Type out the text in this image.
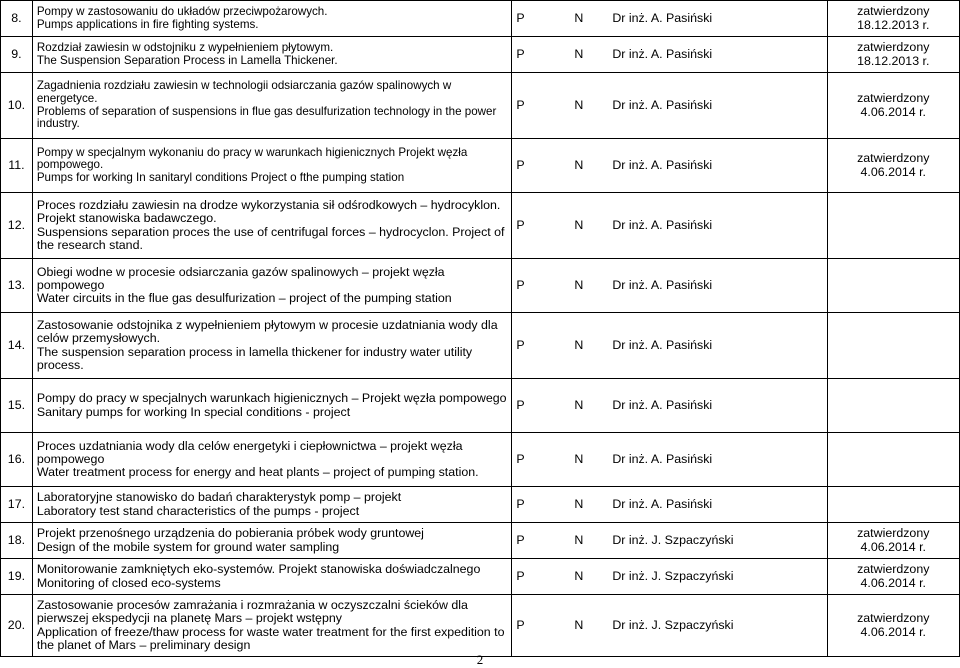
8.	Pompy w zastosowaniu do układów przeciwpożarowych.
Pumps applications in fire fighting systems.	P N Dr inż. A. Pasiński	zatwierdzony
18.12.2013 r.

9.	Rozdział zawiesin w odstojniku z wypełnieniem płytowym.
The Suspension Separation Process in Lamella Thickener.	P N Dr inż. A. Pasiński	zatwierdzony
18.12.2013 r.

10.	Zagadnienia rozdziału zawiesin w technologii odsiarczania gazów spalinowych w energetyce.
Problems of separation of suspensions in flue gas desulfurization technology in the power industry.	P N Dr inż. A. Pasiński	zatwierdzony
4.06.2014 r.

11.	Pompy w specjalnym wykonaniu do pracy w warunkach higienicznych Projekt węzła pompowego.
Pumps for working In sanitaryl conditions Project o fthe pumping station	P N Dr inż. A. Pasiński	zatwierdzony
4.06.2014 r.

12.	Proces rozdziału zawiesin na drodze wykorzystania sił odśrodkowych – hydrocyklon. Projekt stanowiska badawczego.
Suspensions separation proces the use of centrifugal forces – hydrocyclon. Project of the research stand.	P N Dr inż. A. Pasiński	
13.	Obiegi wodne w procesie odsiarczania gazów spalinowych – projekt węzła pompowego
Water circuits in the flue gas desulfurization – project of the pumping station	P N Dr inż. A. Pasiński	
14.	Zastosowanie odstojnika z wypełnieniem płytowym w procesie uzdatniania wody dla celów przemysłowych.
The suspension separation process in lamella thickener for industry water utility process.	P N Dr inż. A. Pasiński	
15.	Pompy do pracy w specjalnych warunkach higienicznych – Projekt węzła pompowego
Sanitary pumps for working In special conditions - project	P N Dr inż. A. Pasiński	
16.	Proces uzdatniania wody dla celów energetyki i ciepłownictwa – projekt węzła pompowego
Water treatment process for energy and heat plants – project of pumping station.	P N Dr inż. A. Pasiński	
17.	Laboratoryjne stanowisko do badań charakterystyk pomp – projekt
Laboratory test stand characteristics of the pumps - project	P N Dr inż. A. Pasiński	
18.	Projekt przenośnego urządzenia do pobierania próbek wody gruntowej
Design of the mobile system for ground water sampling	P N Dr inż. J. Szpaczyński	zatwierdzony
4.06.2014 r.

19.	Monitorowanie zamkniętych eko-systemów. Projekt stanowiska doświadczalnego
Monitoring of closed eco-systems	P N Dr inż. J. Szpaczyński	zatwierdzony
4.06.2014 r.

20.	Zastosowanie procesów zamrażania i rozmrażania w oczyszczalni ścieków dla pierwszej ekspedycji na planetę Mars – projekt wstępny
Application of freeze/thaw process for waste water treatment for the first expedition to the planet of Mars – preliminary design	P N Dr inż. J. Szpaczyński	zatwierdzony
4.06.2014 r.
2
